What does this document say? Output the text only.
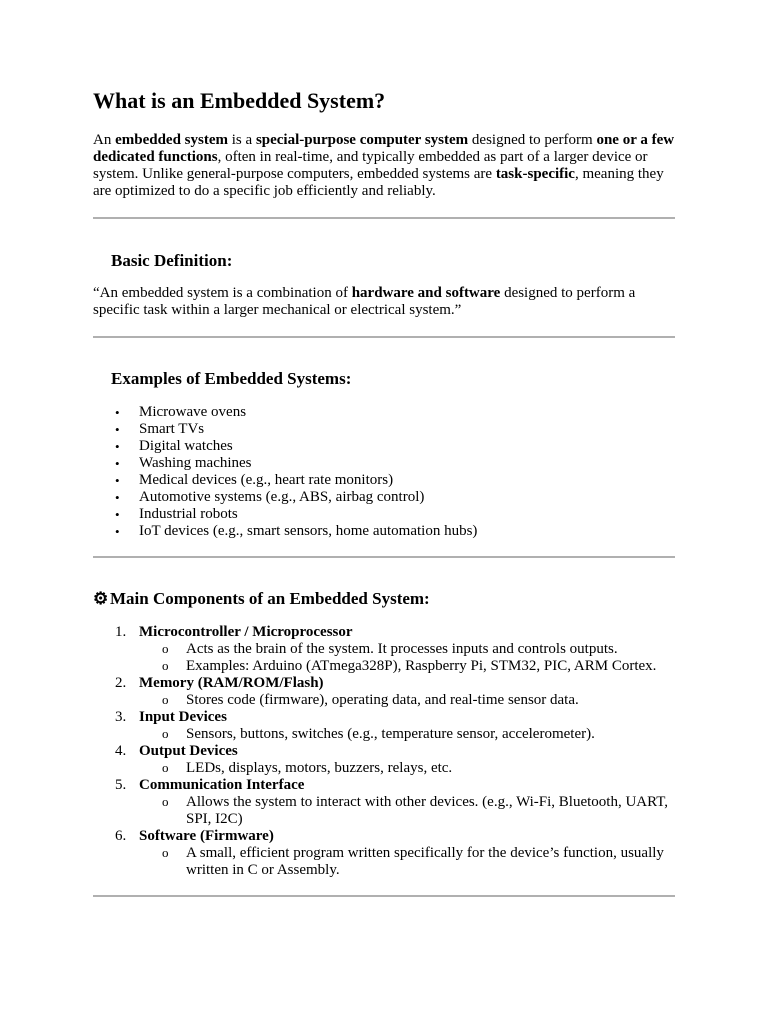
What is an Embedded System?

An embedded system is a special-purpose computer system designed to perform one or a few dedicated functions, often in real-time, and typically embedded as part of a larger device or system. Unlike general-purpose computers, embedded systems are task-specific, meaning they are optimized to do a specific job efficiently and reliably.

Basic Definition:

“An embedded system is a combination of hardware and software designed to perform a specific task within a larger mechanical or electrical system.”

Examples of Embedded Systems:
• Microwave ovens
• Smart TVs
• Digital watches
• Washing machines
• Medical devices (e.g., heart rate monitors)
• Automotive systems (e.g., ABS, airbag control)
• Industrial robots
• IoT devices (e.g., smart sensors, home automation hubs)
⚙ Main Components of an Embedded System:
1. Microcontroller / Microprocessor
o Acts as the brain of the system. It processes inputs and controls outputs.
o Examples: Arduino (ATmega328P), Raspberry Pi, STM32, PIC, ARM Cortex.
2. Memory (RAM/ROM/Flash)
o Stores code (firmware), operating data, and real-time sensor data.
3. Input Devices
o Sensors, buttons, switches (e.g., temperature sensor, accelerometer).
4. Output Devices
o LEDs, displays, motors, buzzers, relays, etc.
5. Communication Interface
o Allows the system to interact with other devices. (e.g., Wi-Fi, Bluetooth, UART, SPI, I2C)
6. Software (Firmware)
o A small, efficient program written specifically for the device’s function, usually written in C or Assembly.
